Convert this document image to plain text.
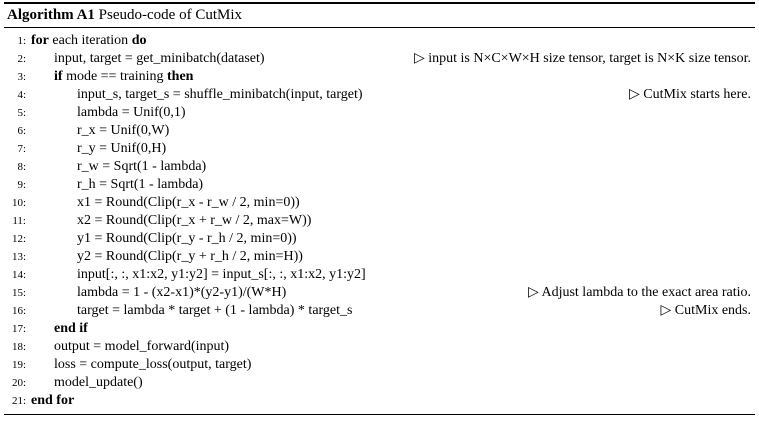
Algorithm A1 Pseudo-code of CutMix
1: for each iteration do
2: input, target = get_minibatch(dataset)	▷ input is N×C×W×H size tensor, target is N×K size tensor.
3: if mode == training then
4:	input_s, target_s = shuffle_minibatch(input, target)	▷ CutMix starts here.
5:	lambda = Unif(0,1)
6:	r_x = Unif(0,W)
7:	r_y = Unif(0,H)
8:	r_w = Sqrt(1 - lambda)
9:	r_h = Sqrt(1 - lambda)
10:	x1 = Round(Clip(r_x - r_w / 2, min=0))
11:	x2 = Round(Clip(r_x + r_w / 2, max=W))
12:	y1 = Round(Clip(r_y - r_h / 2, min=0))
13:	y2 = Round(Clip(r_y + r_h / 2, min=H))
14:	input[:, :, x1:x2, y1:y2] = input_s[:, :, x1:x2, y1:y2]
15:	lambda = 1 - (x2-x1)*(y2-y1)/(W*H)	▷ Adjust lambda to the exact area ratio.
16:	target = lambda * target + (1 - lambda) * target_s	▷ CutMix ends.
17: end if
18: output = model_forward(input)
19: loss = compute_loss(output, target)
20: model_update()
21: end for
